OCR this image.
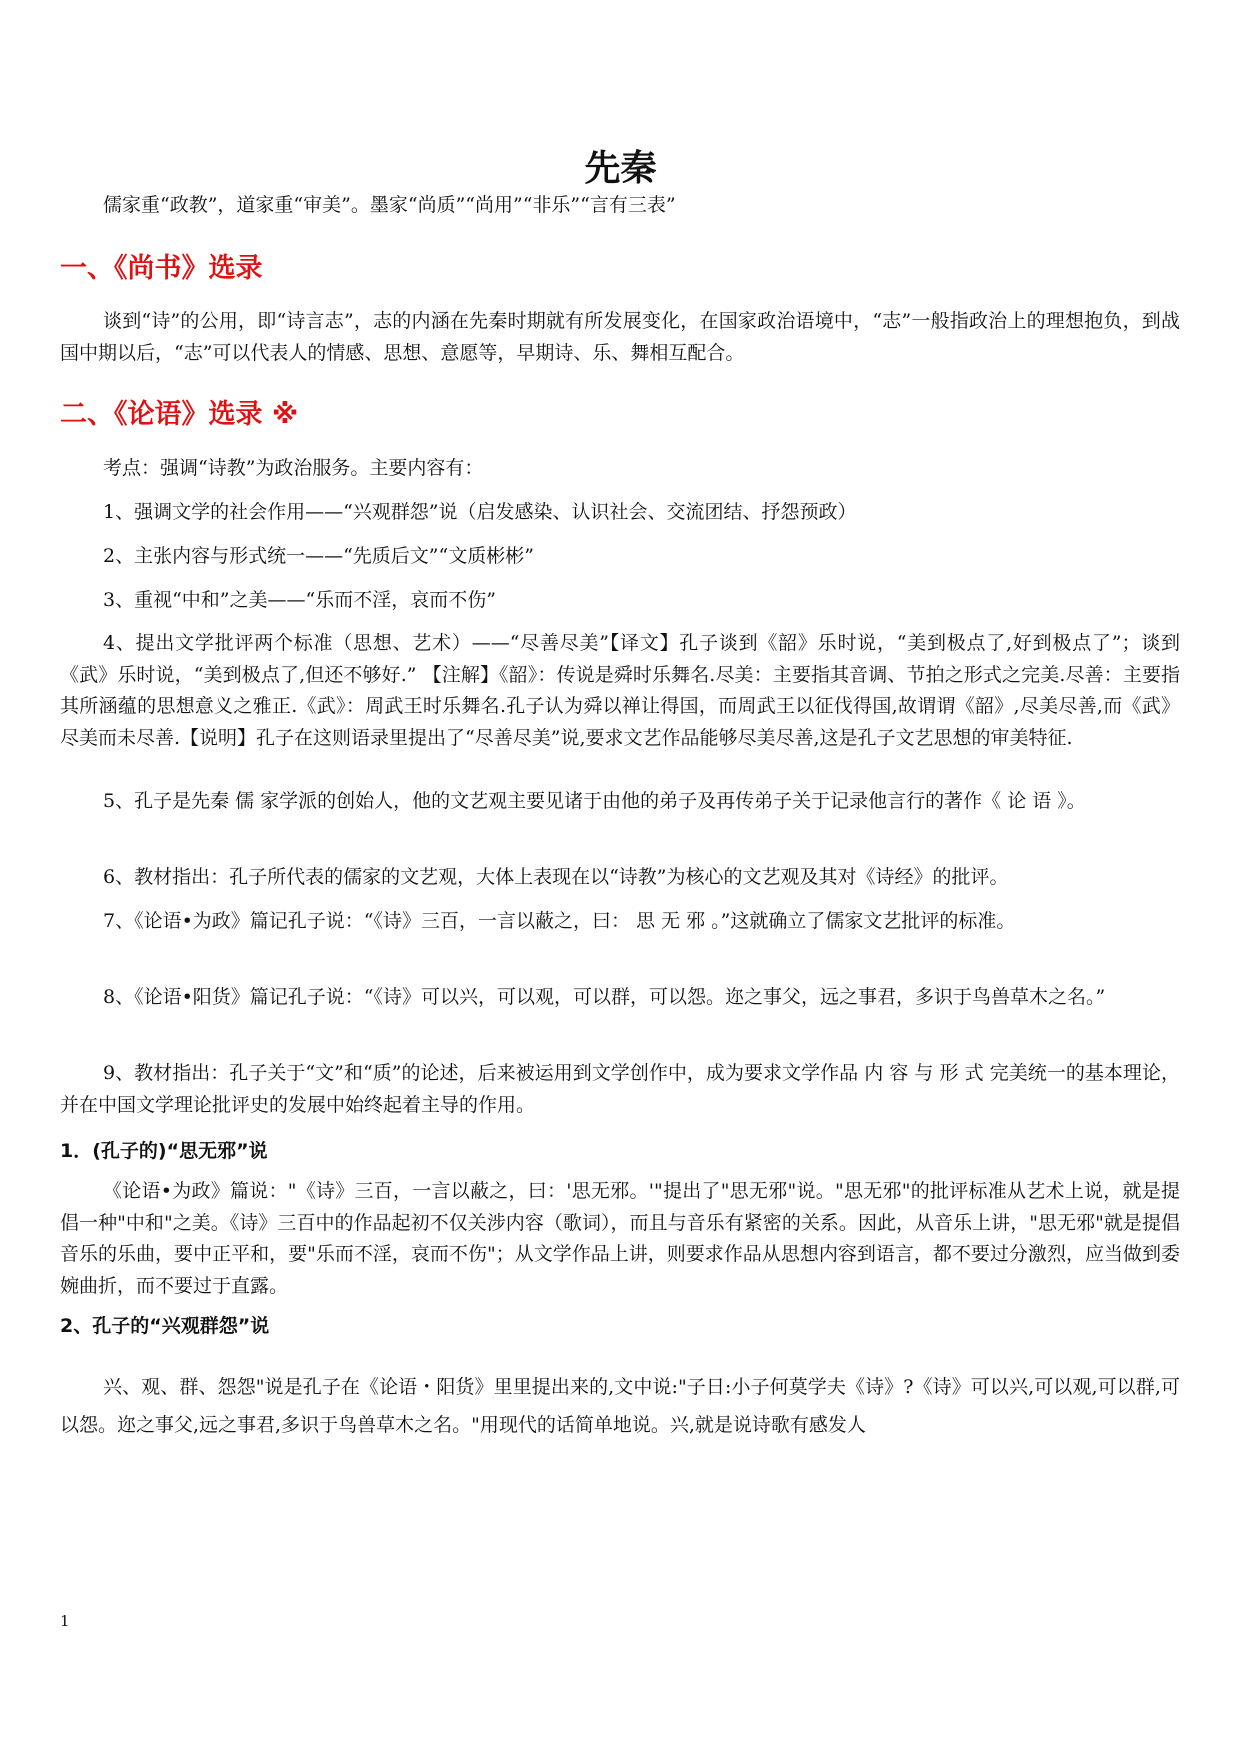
先秦

儒家重“政教”，道家重“审美”。墨家“尚质”“尚用”“非乐”“言有三表”

一、《尚书》选录

谈到“诗”的公用，即“诗言志”，志的内涵在先秦时期就有所发展变化，在国家政治语境中，“志”一般指政治上的理想抱负，到战国中期以后，“志”可以代表人的情感、思想、意愿等，早期诗、乐、舞相互配合。

二、《论语》选录 ※

考点：强调“诗教”为政治服务。主要内容有：

1、强调文学的社会作用——“兴观群怨”说（启发感染、认识社会、交流团结、抒怨预政）

2、主张内容与形式统一——“先质后文”“文质彬彬”

3、重视“中和”之美——“乐而不淫，哀而不伤”

4、提出文学批评两个标准（思想、艺术）——“尽善尽美”【译文】孔子谈到《韶》乐时说，“美到极点了,好到极点了”；谈到《武》乐时说，“美到极点了,但还不够好.” 【注解】《韶》：传说是舜时乐舞名.尽美：主要指其音调、节拍之形式之完美.尽善：主要指其所涵蕴的思想意义之雅正.《武》：周武王时乐舞名.孔子认为舜以禅让得国，而周武王以征伐得国,故谓谓《韶》,尽美尽善,而《武》尽美而未尽善.【说明】孔子在这则语录里提出了“尽善尽美”说,要求文艺作品能够尽美尽善,这是孔子文艺思想的审美特征.

5、孔子是先秦 儒 家学派的创始人，他的文艺观主要见诸于由他的弟子及再传弟子关于记录他言行的著作《 论 语 》。

6、教材指出：孔子所代表的儒家的文艺观，大体上表现在以“诗教”为核心的文艺观及其对《诗经》的批评。

7、《论语•为政》篇记孔子说：“《诗》三百，一言以蔽之，曰： 思 无 邪 。”这就确立了儒家文艺批评的标准。

8、《论语•阳货》篇记孔子说：“《诗》可以兴，可以观，可以群，可以怨。迩之事父，远之事君，多识于鸟兽草木之名。”

9、教材指出：孔子关于“文”和“质”的论述，后来被运用到文学创作中，成为要求文学作品 内 容 与 形 式 完美统一的基本理论，并在中国文学理论批评史的发展中始终起着主导的作用。

1．(孔子的)“思无邪”说

《论语•为政》篇说："《诗》三百，一言以蔽之，曰：'思无邪。'"提出了"思无邪"说。"思无邪"的批评标准从艺术上说，就是提倡一种"中和"之美。《诗》三百中的作品起初不仅关涉内容（歌词），而且与音乐有紧密的关系。因此，从音乐上讲，"思无邪"就是提倡音乐的乐曲，要中正平和，要"乐而不淫，哀而不伤"；从文学作品上讲，则要求作品从思想内容到语言，都不要过分激烈，应当做到委婉曲折，而不要过于直露。

2、孔子的“兴观群怨”说

兴、观、群、怨怨"说是孔子在《论语・阳货》里里提出来的,文中说:"子日:小子何莫学夫《诗》?《诗》可以兴,可以观,可以群,可以怨。迩之事父,远之事君,多识于鸟兽草木之名。"用现代的话简单地说。兴,就是说诗歌有感发人

1
